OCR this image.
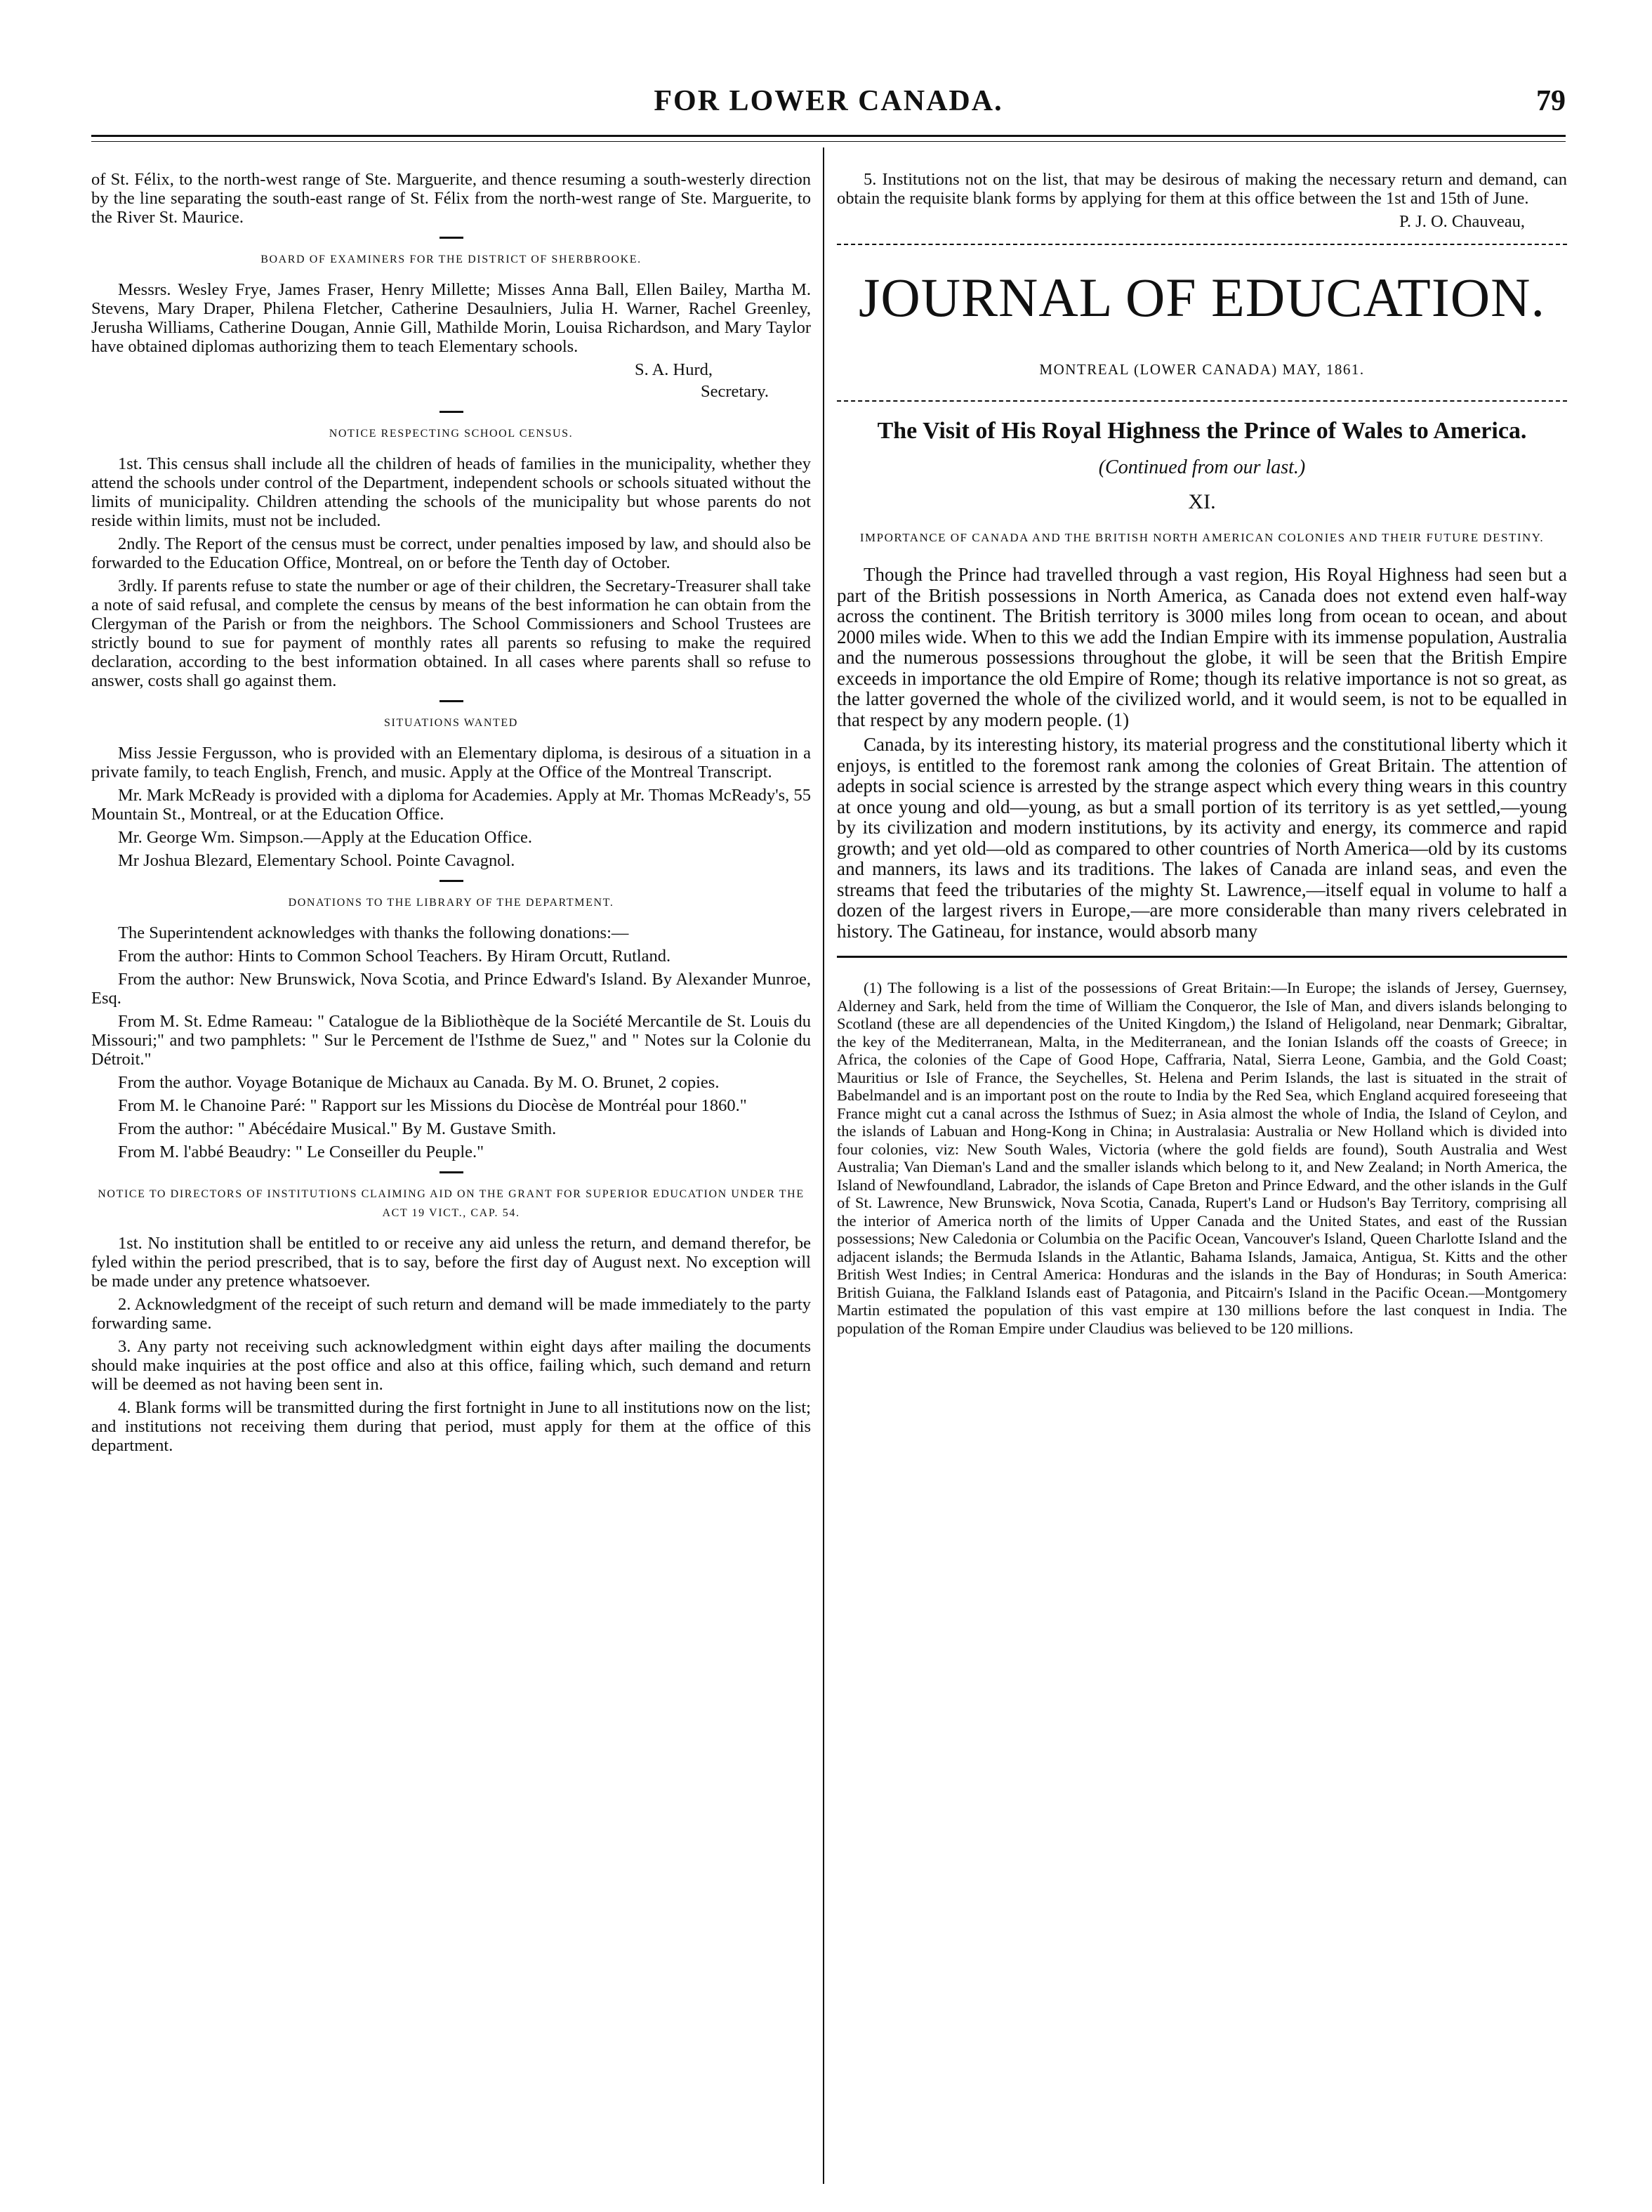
FOR LOWER CANADA.	79

of St. Félix, to the north-west range of Ste. Marguerite, and thence resuming a south-westerly direction by the line separating the south-east range of St. Félix from the north-west range of Ste. Marguerite, to the River St. Maurice.

BOARD OF EXAMINERS FOR THE DISTRICT OF SHERBROOKE.

Messrs. Wesley Frye, James Fraser, Henry Millette; Misses Anna Ball, Ellen Bailey, Martha M. Stevens, Mary Draper, Philena Fletcher, Catherine Desaulniers, Julia H. Warner, Rachel Greenley, Jerusha Williams, Catherine Dougan, Annie Gill, Mathilde Morin, Louisa Richardson, and Mary Taylor have obtained diplomas authorizing them to teach Elementary schools.

S. A. Hurd,

Secretary.

NOTICE RESPECTING SCHOOL CENSUS.

1st. This census shall include all the children of heads of families in the municipality, whether they attend the schools under control of the Department, independent schools or schools situated without the limits of municipality. Children attending the schools of the municipality but whose parents do not reside within limits, must not be included.

2ndly. The Report of the census must be correct, under penalties imposed by law, and should also be forwarded to the Education Office, Montreal, on or before the Tenth day of October.

3rdly. If parents refuse to state the number or age of their children, the Secretary-Treasurer shall take a note of said refusal, and complete the census by means of the best information he can obtain from the Clergyman of the Parish or from the neighbors. The School Commissioners and School Trustees are strictly bound to sue for payment of monthly rates all parents so refusing to make the required declaration, according to the best information obtained. In all cases where parents shall so refuse to answer, costs shall go against them.

SITUATIONS WANTED

Miss Jessie Fergusson, who is provided with an Elementary diploma, is desirous of a situation in a private family, to teach English, French, and music. Apply at the Office of the Montreal Transcript.

Mr. Mark McReady is provided with a diploma for Academies. Apply at Mr. Thomas McReady's, 55 Mountain St., Montreal, or at the Education Office.

Mr. George Wm. Simpson.—Apply at the Education Office.

Mr Joshua Blezard, Elementary School. Pointe Cavagnol.

DONATIONS TO THE LIBRARY OF THE DEPARTMENT.

The Superintendent acknowledges with thanks the following donations:—

From the author: Hints to Common School Teachers. By Hiram Orcutt, Rutland.

From the author: New Brunswick, Nova Scotia, and Prince Edward's Island. By Alexander Munroe, Esq.

From M. St. Edme Rameau: " Catalogue de la Bibliothèque de la Société Mercantile de St. Louis du Missouri;" and two pamphlets: " Sur le Percement de l'Isthme de Suez," and " Notes sur la Colonie du Détroit."

From the author. Voyage Botanique de Michaux au Canada. By M. O. Brunet, 2 copies.

From M. le Chanoine Paré: " Rapport sur les Missions du Diocèse de Montréal pour 1860."

From the author: " Abécédaire Musical." By M. Gustave Smith.

From M. l'abbé Beaudry: " Le Conseiller du Peuple."

NOTICE TO DIRECTORS OF INSTITUTIONS CLAIMING AID ON THE GRANT FOR SUPERIOR EDUCATION UNDER THE ACT 19 VICT., CAP. 54.

1st. No institution shall be entitled to or receive any aid unless the return, and demand therefor, be fyled within the period prescribed, that is to say, before the first day of August next. No exception will be made under any pretence whatsoever.

2. Acknowledgment of the receipt of such return and demand will be made immediately to the party forwarding same.

3. Any party not receiving such acknowledgment within eight days after mailing the documents should make inquiries at the post office and also at this office, failing which, such demand and return will be deemed as not having been sent in.

4. Blank forms will be transmitted during the first fortnight in June to all institutions now on the list; and institutions not receiving them during that period, must apply for them at the office of this department.

5. Institutions not on the list, that may be desirous of making the necessary return and demand, can obtain the requisite blank forms by applying for them at this office between the 1st and 15th of June.

P. J. O. Chauveau,

JOURNAL OF EDUCATION.
MONTREAL (LOWER CANADA) MAY, 1861.
The Visit of His Royal Highness the Prince of Wales to America.
(Continued from our last.)
XI.
IMPORTANCE OF CANADA AND THE BRITISH NORTH AMERICAN COLONIES AND THEIR FUTURE DESTINY.

Though the Prince had travelled through a vast region, His Royal Highness had seen but a part of the British possessions in North America, as Canada does not extend even half-way across the continent. The British territory is 3000 miles long from ocean to ocean, and about 2000 miles wide. When to this we add the Indian Empire with its immense population, Australia and the numerous possessions throughout the globe, it will be seen that the British Empire exceeds in importance the old Empire of Rome; though its relative importance is not so great, as the latter governed the whole of the civilized world, and it would seem, is not to be equalled in that respect by any modern people. (1)

Canada, by its interesting history, its material progress and the constitutional liberty which it enjoys, is entitled to the foremost rank among the colonies of Great Britain. The attention of adepts in social science is arrested by the strange aspect which every thing wears in this country at once young and old—young, as but a small portion of its territory is as yet settled,—young by its civilization and modern institutions, by its activity and energy, its commerce and rapid growth; and yet old—old as compared to other countries of North America—old by its customs and manners, its laws and its traditions. The lakes of Canada are inland seas, and even the streams that feed the tributaries of the mighty St. Lawrence,—itself equal in volume to half a dozen of the largest rivers in Europe,—are more considerable than many rivers celebrated in history. The Gatineau, for instance, would absorb many

(1) The following is a list of the possessions of Great Britain:—In Europe; the islands of Jersey, Guernsey, Alderney and Sark, held from the time of William the Conqueror, the Isle of Man, and divers islands belonging to Scotland (these are all dependencies of the United Kingdom,) the Island of Heligoland, near Denmark; Gibraltar, the key of the Mediterranean, Malta, in the Mediterranean, and the Ionian Islands off the coasts of Greece; in Africa, the colonies of the Cape of Good Hope, Caffraria, Natal, Sierra Leone, Gambia, and the Gold Coast; Mauritius or Isle of France, the Seychelles, St. Helena and Perim Islands, the last is situated in the strait of Babelmandel and is an important post on the route to India by the Red Sea, which England acquired foreseeing that France might cut a canal across the Isthmus of Suez; in Asia almost the whole of India, the Island of Ceylon, and the islands of Labuan and Hong-Kong in China; in Australasia: Australia or New Holland which is divided into four colonies, viz: New South Wales, Victoria (where the gold fields are found), South Australia and West Australia; Van Dieman's Land and the smaller islands which belong to it, and New Zealand; in North America, the Island of Newfoundland, Labrador, the islands of Cape Breton and Prince Edward, and the other islands in the Gulf of St. Lawrence, New Brunswick, Nova Scotia, Canada, Rupert's Land or Hudson's Bay Territory, comprising all the interior of America north of the limits of Upper Canada and the United States, and east of the Russian possessions; New Caledonia or Columbia on the Pacific Ocean, Vancouver's Island, Queen Charlotte Island and the adjacent islands; the Bermuda Islands in the Atlantic, Bahama Islands, Jamaica, Antigua, St. Kitts and the other British West Indies; in Central America: Honduras and the islands in the Bay of Honduras; in South America: British Guiana, the Falkland Islands east of Patagonia, and Pitcairn's Island in the Pacific Ocean.—Montgomery Martin estimated the population of this vast empire at 130 millions before the last conquest in India. The population of the Roman Empire under Claudius was believed to be 120 millions.
